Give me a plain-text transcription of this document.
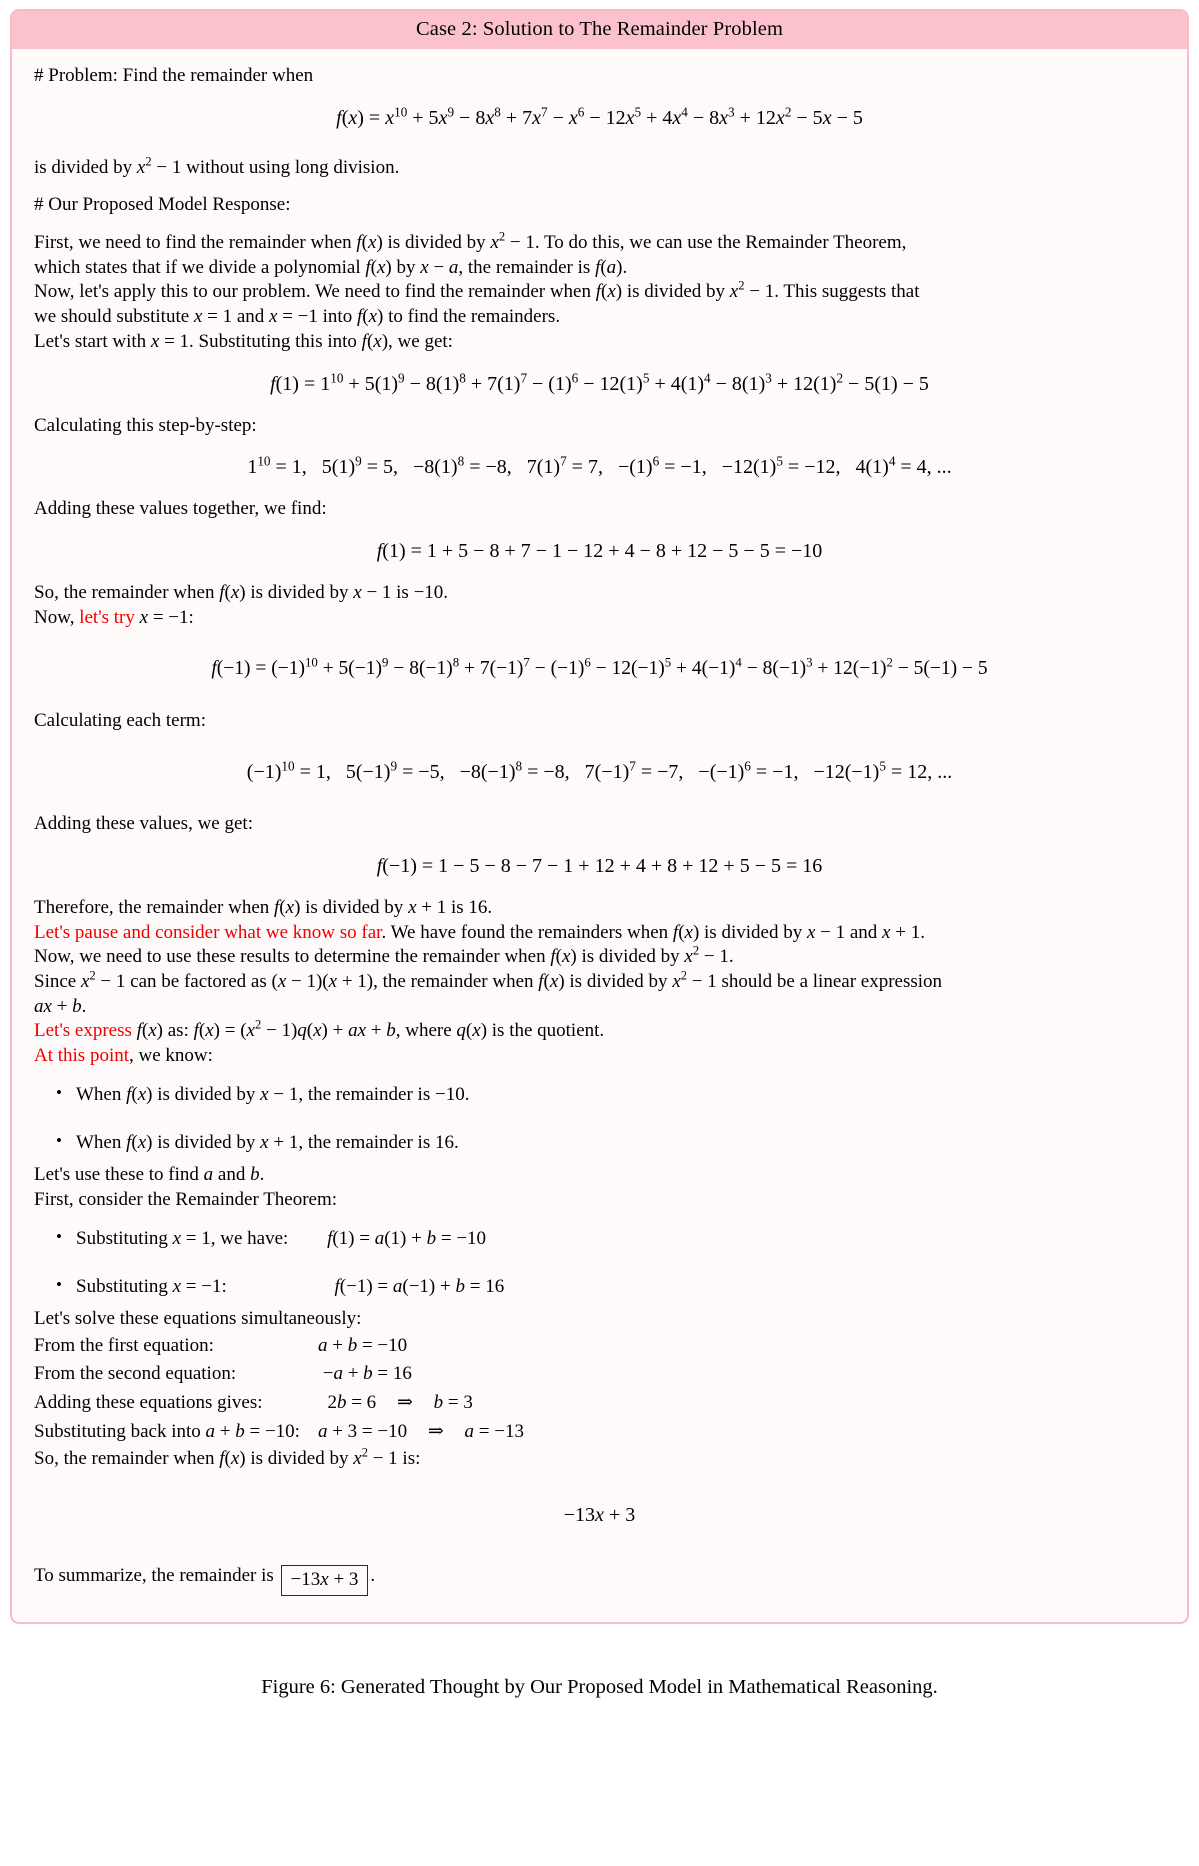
Case 2: Solution to The Remainder Problem
# Problem: Find the remainder when
$f(x) = x^{10} + 5x^9 - 8x^8 + 7x^7 - x^6 - 12x^5 + 4x^4 - 8x^3 + 12x^2 - 5x - 5$
is divided by $x^2 - 1$ without using long division.
# Our Proposed Model Response:
First, we need to find the remainder when f(x) is divided by $x^2 - 1$. To do this, we can use the Remainder Theorem,
which states that if we divide a polynomial f(x) by x − a, the remainder is f(a).
Now, let's apply this to our problem. We need to find the remainder when f(x) is divided by $x^2 - 1$. This suggests that
we should substitute x = 1 and x = −1 into f(x) to find the remainders.
Let's start with x = 1. Substituting this into f(x), we get:
$f(1) = 1^{10} + 5(1)^9 - 8(1)^8 + 7(1)^7 - (1)^6 - 12(1)^5 + 4(1)^4 - 8(1)^3 + 12(1)^2 - 5(1) - 5$
Calculating this step-by-step:
$1^{10} = 1$,   $5(1)^9 = 5$,   $-8(1)^8 = -8$,   $7(1)^7 = 7$,   $-(1)^6 = -1$,   $-12(1)^5 = -12$,   $4(1)^4 = 4$, ...
Adding these values together, we find:
f(1) = 1 + 5 − 8 + 7 − 1 − 12 + 4 − 8 + 12 − 5 − 5 = −10
So, the remainder when f(x) is divided by x − 1 is −10.
Now, let's try x = −1:
$f(-1) = (-1)^{10} + 5(-1)^9 - 8(-1)^8 + 7(-1)^7 - (-1)^6 - 12(-1)^5 + 4(-1)^4 - 8(-1)^3 + 12(-1)^2 - 5(-1) - 5$
Calculating each term:
$(-1)^{10} = 1$,   $5(-1)^9 = -5$,   $-8(-1)^8 = -8$,   $7(-1)^7 = -7$,   $-(-1)^6 = -1$,   $-12(-1)^5 = 12$, ...
Adding these values, we get:
f(−1) = 1 − 5 − 8 − 7 − 1 + 12 + 4 + 8 + 12 + 5 − 5 = 16
Therefore, the remainder when f(x) is divided by x + 1 is 16.
Let's pause and consider what we know so far. We have found the remainders when f(x) is divided by x − 1 and x + 1.
Now, we need to use these results to determine the remainder when f(x) is divided by $x^2 - 1$.
Since $x^2 - 1$ can be factored as (x − 1)(x + 1), the remainder when f(x) is divided by $x^2 - 1$ should be a linear expression
ax + b.
Let's express f(x) as: $f(x) = (x^2 - 1)q(x)$ + ax + b, where q(x) is the quotient.
At this point, we know:
• When f(x) is divided by x − 1, the remainder is −10.
• When f(x) is divided by x + 1, the remainder is 16.
Let's use these to find a and b.
First, consider the Remainder Theorem:
• Substituting x = 1, we have: f(1) = a(1) + b = −10
• Substituting x = −1:	f(−1) = a(−1) + b = 16
Let's solve these equations simultaneously:
From the first equation:	a + b = −10
From the second equation:	−a + b = 16
Adding these equations gives:	2b = 6 ⇒ b = 3
Substituting back into a + b = −10:	a + 3 = −10 ⇒ a = −13
So, the remainder when f(x) is divided by $x^2 - 1$ is:
−13x + 3
To summarize, the remainder is −13x + 3 .
Figure 6: Generated Thought by Our Proposed Model in Mathematical Reasoning.
